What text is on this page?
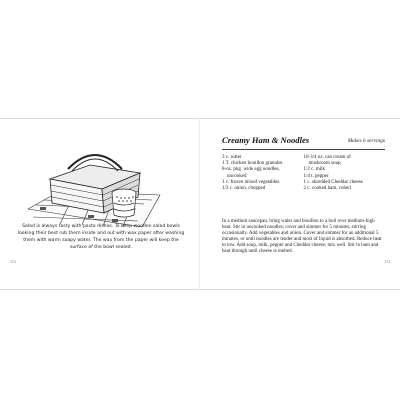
Salad is always tasty with pasta dishes. To keep wooden salad bowls looking their best rub them inside and out with wax paper after washing them with warm soapy water. The wax from the paper will keep the surface of the bowl sealed.
112
Creamy Ham & Noodles	Makes 6 servings
3 c. water
1 T. chicken bouillon granules
8-oz. pkg. wide egg noodles,
uncooked
1 c. frozen mixed vegetables
1/3 c. onion, chopped
10-3/4 oz. can cream of
mushroom soup
1/2 c. milk
1/4 t. pepper
1 c. shredded Cheddar cheese
2 c. cooked ham, cubed
In a medium saucepan, bring water and bouillon to a boil over medium-high heat. Stir in uncooked noodles; cover and simmer for 5 minutes, stirring occasionally. Add vegetables and onion. Cover and simmer for an additional 5 minutes, or until noodles are tender and most of liquid is absorbed. Reduce heat to low. Add soup, milk, pepper and Cheddar cheese; mix well. Stir in ham and heat through until cheese is melted.
113
